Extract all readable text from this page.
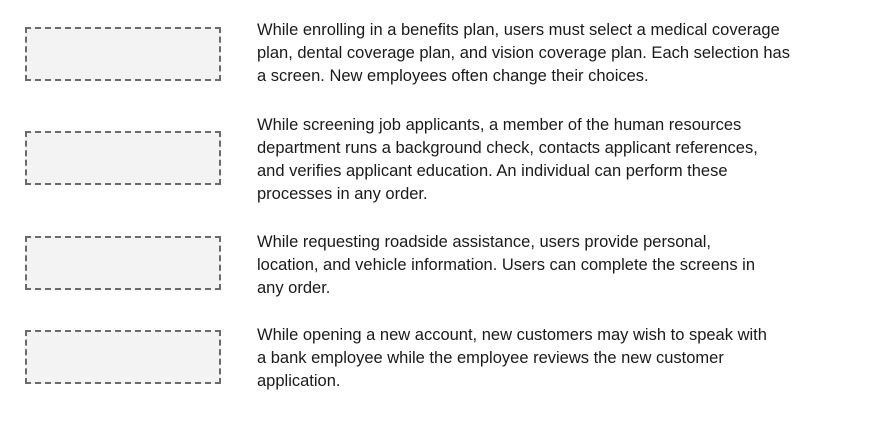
While enrolling in a benefits plan, users must select a medical coverage
plan, dental coverage plan, and vision coverage plan. Each selection has
a screen. New employees often change their choices.

While screening job applicants, a member of the human resources
department runs a background check, contacts applicant references,
and verifies applicant education. An individual can perform these
processes in any order.

While requesting roadside assistance, users provide personal,
location, and vehicle information. Users can complete the screens in
any order.

While opening a new account, new customers may wish to speak with
a bank employee while the employee reviews the new customer
application.
